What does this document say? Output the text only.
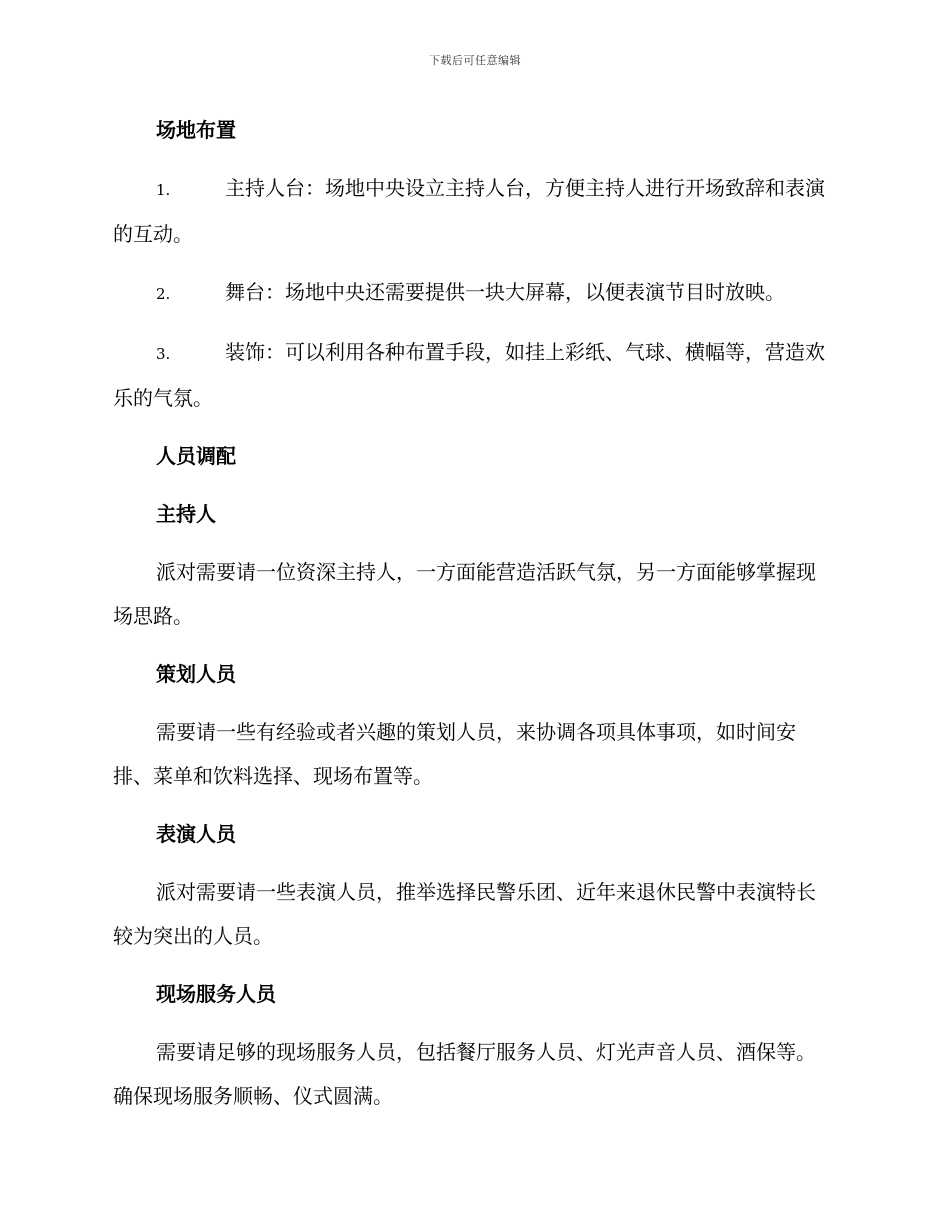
下载后可任意编辑
场地布置
1.	主持人台：场地中央设立主持人台，方便主持人进行开场致辞和表演的互动。
2.	舞台：场地中央还需要提供一块大屏幕，以便表演节目时放映。
3.	装饰：可以利用各种布置手段，如挂上彩纸、气球、横幅等，营造欢乐的气氛。
人员调配
主持人
派对需要请一位资深主持人，一方面能营造活跃气氛，另一方面能够掌握现场思路。
策划人员
需要请一些有经验或者兴趣的策划人员，来协调各项具体事项，如时间安排、菜单和饮料选择、现场布置等。
表演人员
派对需要请一些表演人员，推举选择民警乐团、近年来退休民警中表演特长较为突出的人员。
现场服务人员
需要请足够的现场服务人员，包括餐厅服务人员、灯光声音人员、酒保等。确保现场服务顺畅、仪式圆满。
